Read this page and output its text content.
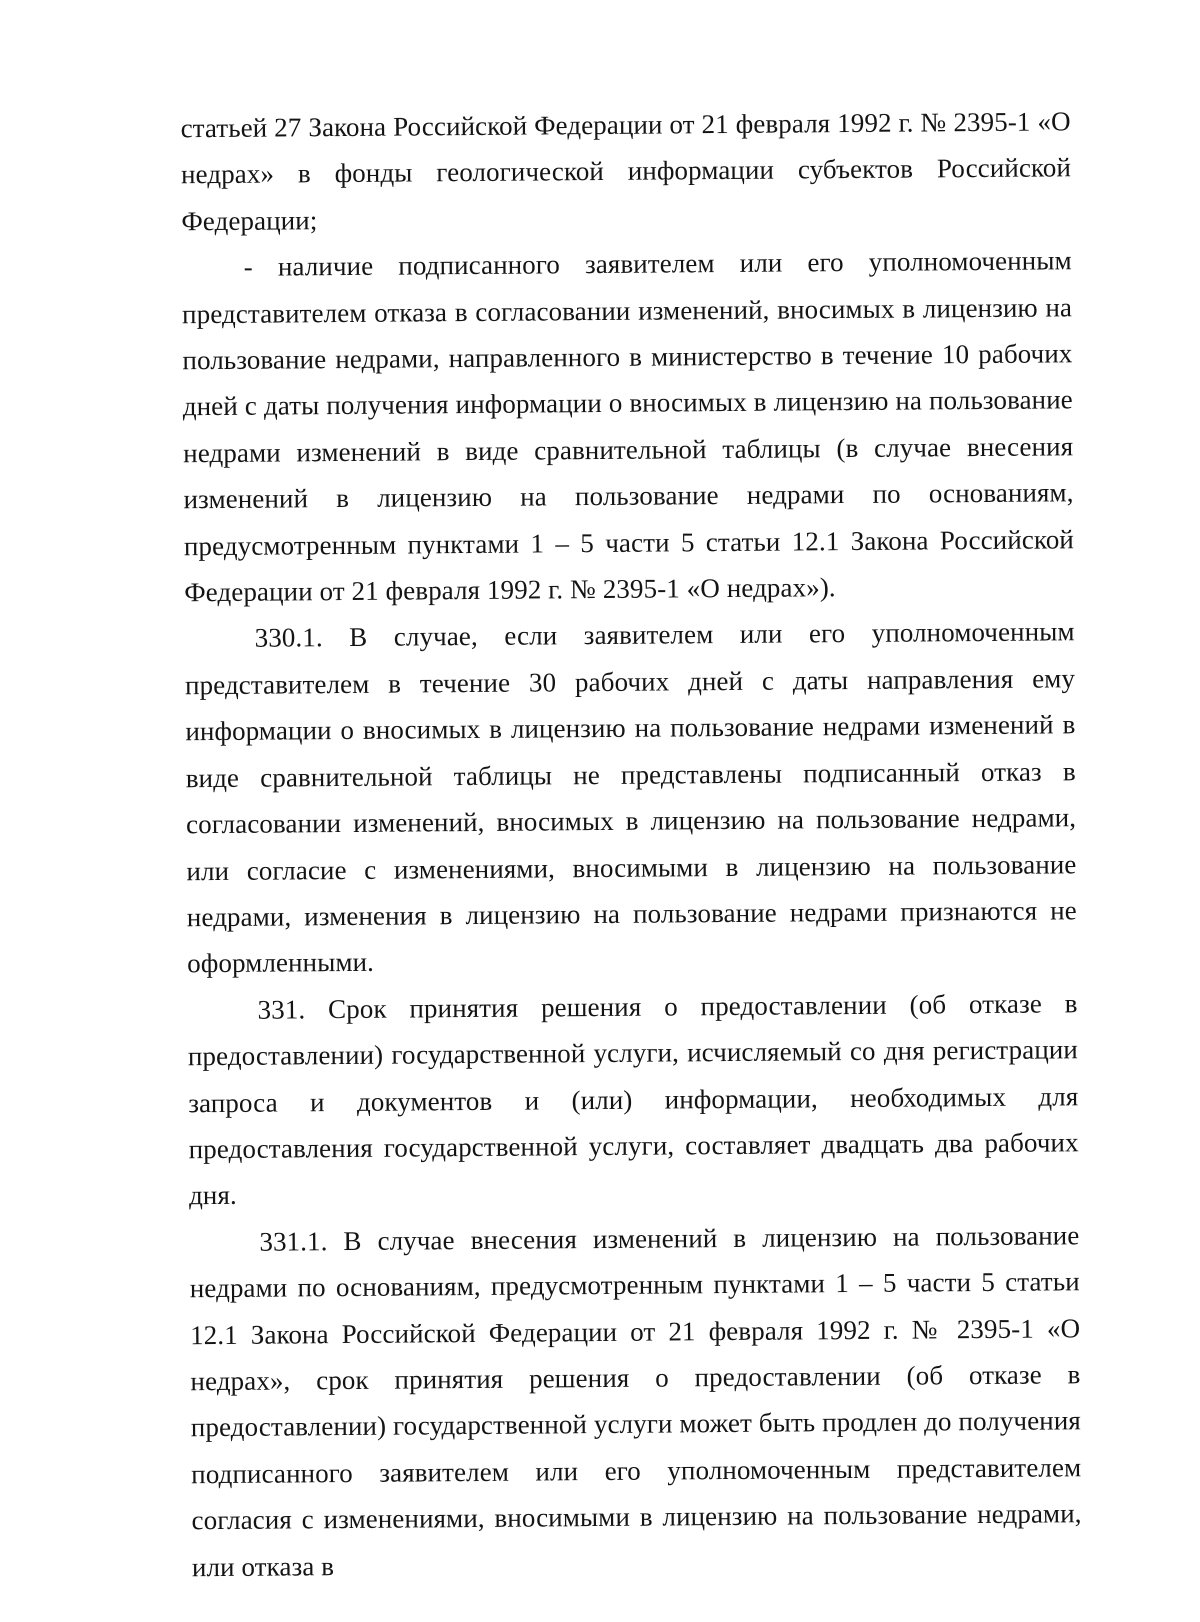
статьей 27 Закона Российской Федерации от 21 февраля 1992 г. № 2395-1 «О недрах» в фонды геологической информации субъектов Российской Федерации;

- наличие подписанного заявителем или его уполномоченным представителем отказа в согласовании изменений, вносимых в лицензию на пользование недрами, направленного в министерство в течение 10 рабочих дней с даты получения информации о вносимых в лицензию на пользование недрами изменений в виде сравнительной таблицы (в случае внесения изменений в лицензию на пользование недрами по основаниям, предусмотренным пунктами 1 – 5 части 5 статьи 12.1 Закона Российской Федерации от 21 февраля 1992 г. № 2395-1 «О недрах»).

330.1. В случае, если заявителем или его уполномоченным представителем в течение 30 рабочих дней с даты направления ему информации о вносимых в лицензию на пользование недрами изменений в виде сравнительной таблицы не представлены подписанный отказ в согласовании изменений, вносимых в лицензию на пользование недрами, или согласие с изменениями, вносимыми в лицензию на пользование недрами, изменения в лицензию на пользование недрами признаются не оформленными.

331. Срок принятия решения о предоставлении (об отказе в предоставлении) государственной услуги, исчисляемый со дня регистрации запроса и документов и (или) информации, необходимых для предоставления государственной услуги, составляет двадцать два рабочих дня.

331.1. В случае внесения изменений в лицензию на пользование недрами по основаниям, предусмотренным пунктами 1 – 5 части 5 статьи 12.1 Закона Российской Федерации от 21 февраля 1992 г. № 2395-1 «О недрах», срок принятия решения о предоставлении (об отказе в предоставлении) государственной услуги может быть продлен до получения подписанного заявителем или его уполномоченным представителем согласия с изменениями, вносимыми в лицензию на пользование недрами, или отказа в
